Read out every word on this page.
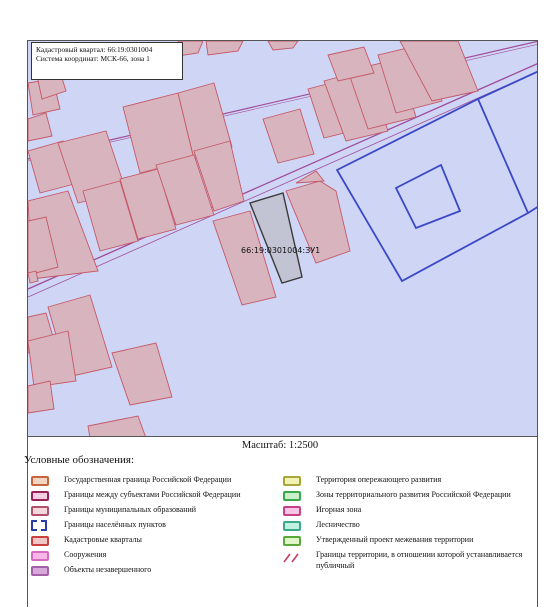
66:19:0301004:ЗУ1
Кадастровый квартал: 66:19:0301004
Система координат: МСК-66, зона 1
Масштаб: 1:2500
Условные обозначения:
Государственная граница Российской Федерации
Границы между субъектами Российской Федерации
Границы муниципальных образований
Границы населённых пунктов
Кадастровые кварталы
Сооружения
Объекты незавершенного
Территория опережающего развития
Зоны территориального развития Российской Федерации
Игорная зона
Лесничество
Утвержденный проект межевания территории
Границы территории, в отношении которой устанавливается публичный
